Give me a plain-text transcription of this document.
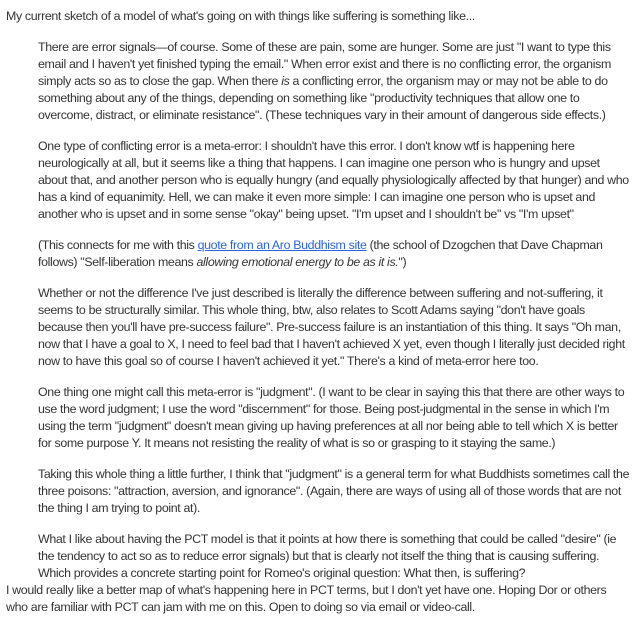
My current sketch of a model of what's going on with things like suffering is something like...

There are error signals—of course. Some of these are pain, some are hunger. Some are just "I want to type this email and I haven't yet finished typing the email." When error exist and there is no conflicting error, the organism simply acts so as to close the gap. When there is a conflicting error, the organism may or may not be able to do something about any of the things, depending on something like "productivity techniques that allow one to overcome, distract, or eliminate resistance". (These techniques vary in their amount of dangerous side effects.)

One type of conflicting error is a meta-error: I shouldn't have this error. I don't know wtf is happening here neurologically at all, but it seems like a thing that happens. I can imagine one person who is hungry and upset about that, and another person who is equally hungry (and equally physiologically affected by that hunger) and who has a kind of equanimity. Hell, we can make it even more simple: I can imagine one person who is upset and another who is upset and in some sense "okay" being upset. "I'm upset and I shouldn't be" vs "I'm upset"

(This connects for me with this quote from an Aro Buddhism site (the school of Dzogchen that Dave Chapman follows) "Self-liberation means allowing emotional energy to be as it is.")

Whether or not the difference I've just described is literally the difference between suffering and not-suffering, it seems to be structurally similar. This whole thing, btw, also relates to Scott Adams saying "don't have goals because then you'll have pre-success failure". Pre-success failure is an instantiation of this thing. It says "Oh man, now that I have a goal to X, I need to feel bad that I haven't achieved X yet, even though I literally just decided right now to have this goal so of course I haven't achieved it yet." There's a kind of meta-error here too.

One thing one might call this meta-error is "judgment". (I want to be clear in saying this that there are other ways to use the word judgment; I use the word "discernment" for those. Being post-judgmental in the sense in which I'm using the term "judgment" doesn't mean giving up having preferences at all nor being able to tell which X is better for some purpose Y. It means not resisting the reality of what is so or grasping to it staying the same.)

Taking this whole thing a little further, I think that "judgment" is a general term for what Buddhists sometimes call the three poisons: "attraction, aversion, and ignorance". (Again, there are ways of using all of those words that are not the thing I am trying to point at).

What I like about having the PCT model is that it points at how there is something that could be called "desire" (ie the tendency to act so as to reduce error signals) but that is clearly not itself the thing that is causing suffering. Which provides a concrete starting point for Romeo's original question: What then, is suffering?

I would really like a better map of what's happening here in PCT terms, but I don't yet have one. Hoping Dor or others who are familiar with PCT can jam with me on this. Open to doing so via email or video-call.
